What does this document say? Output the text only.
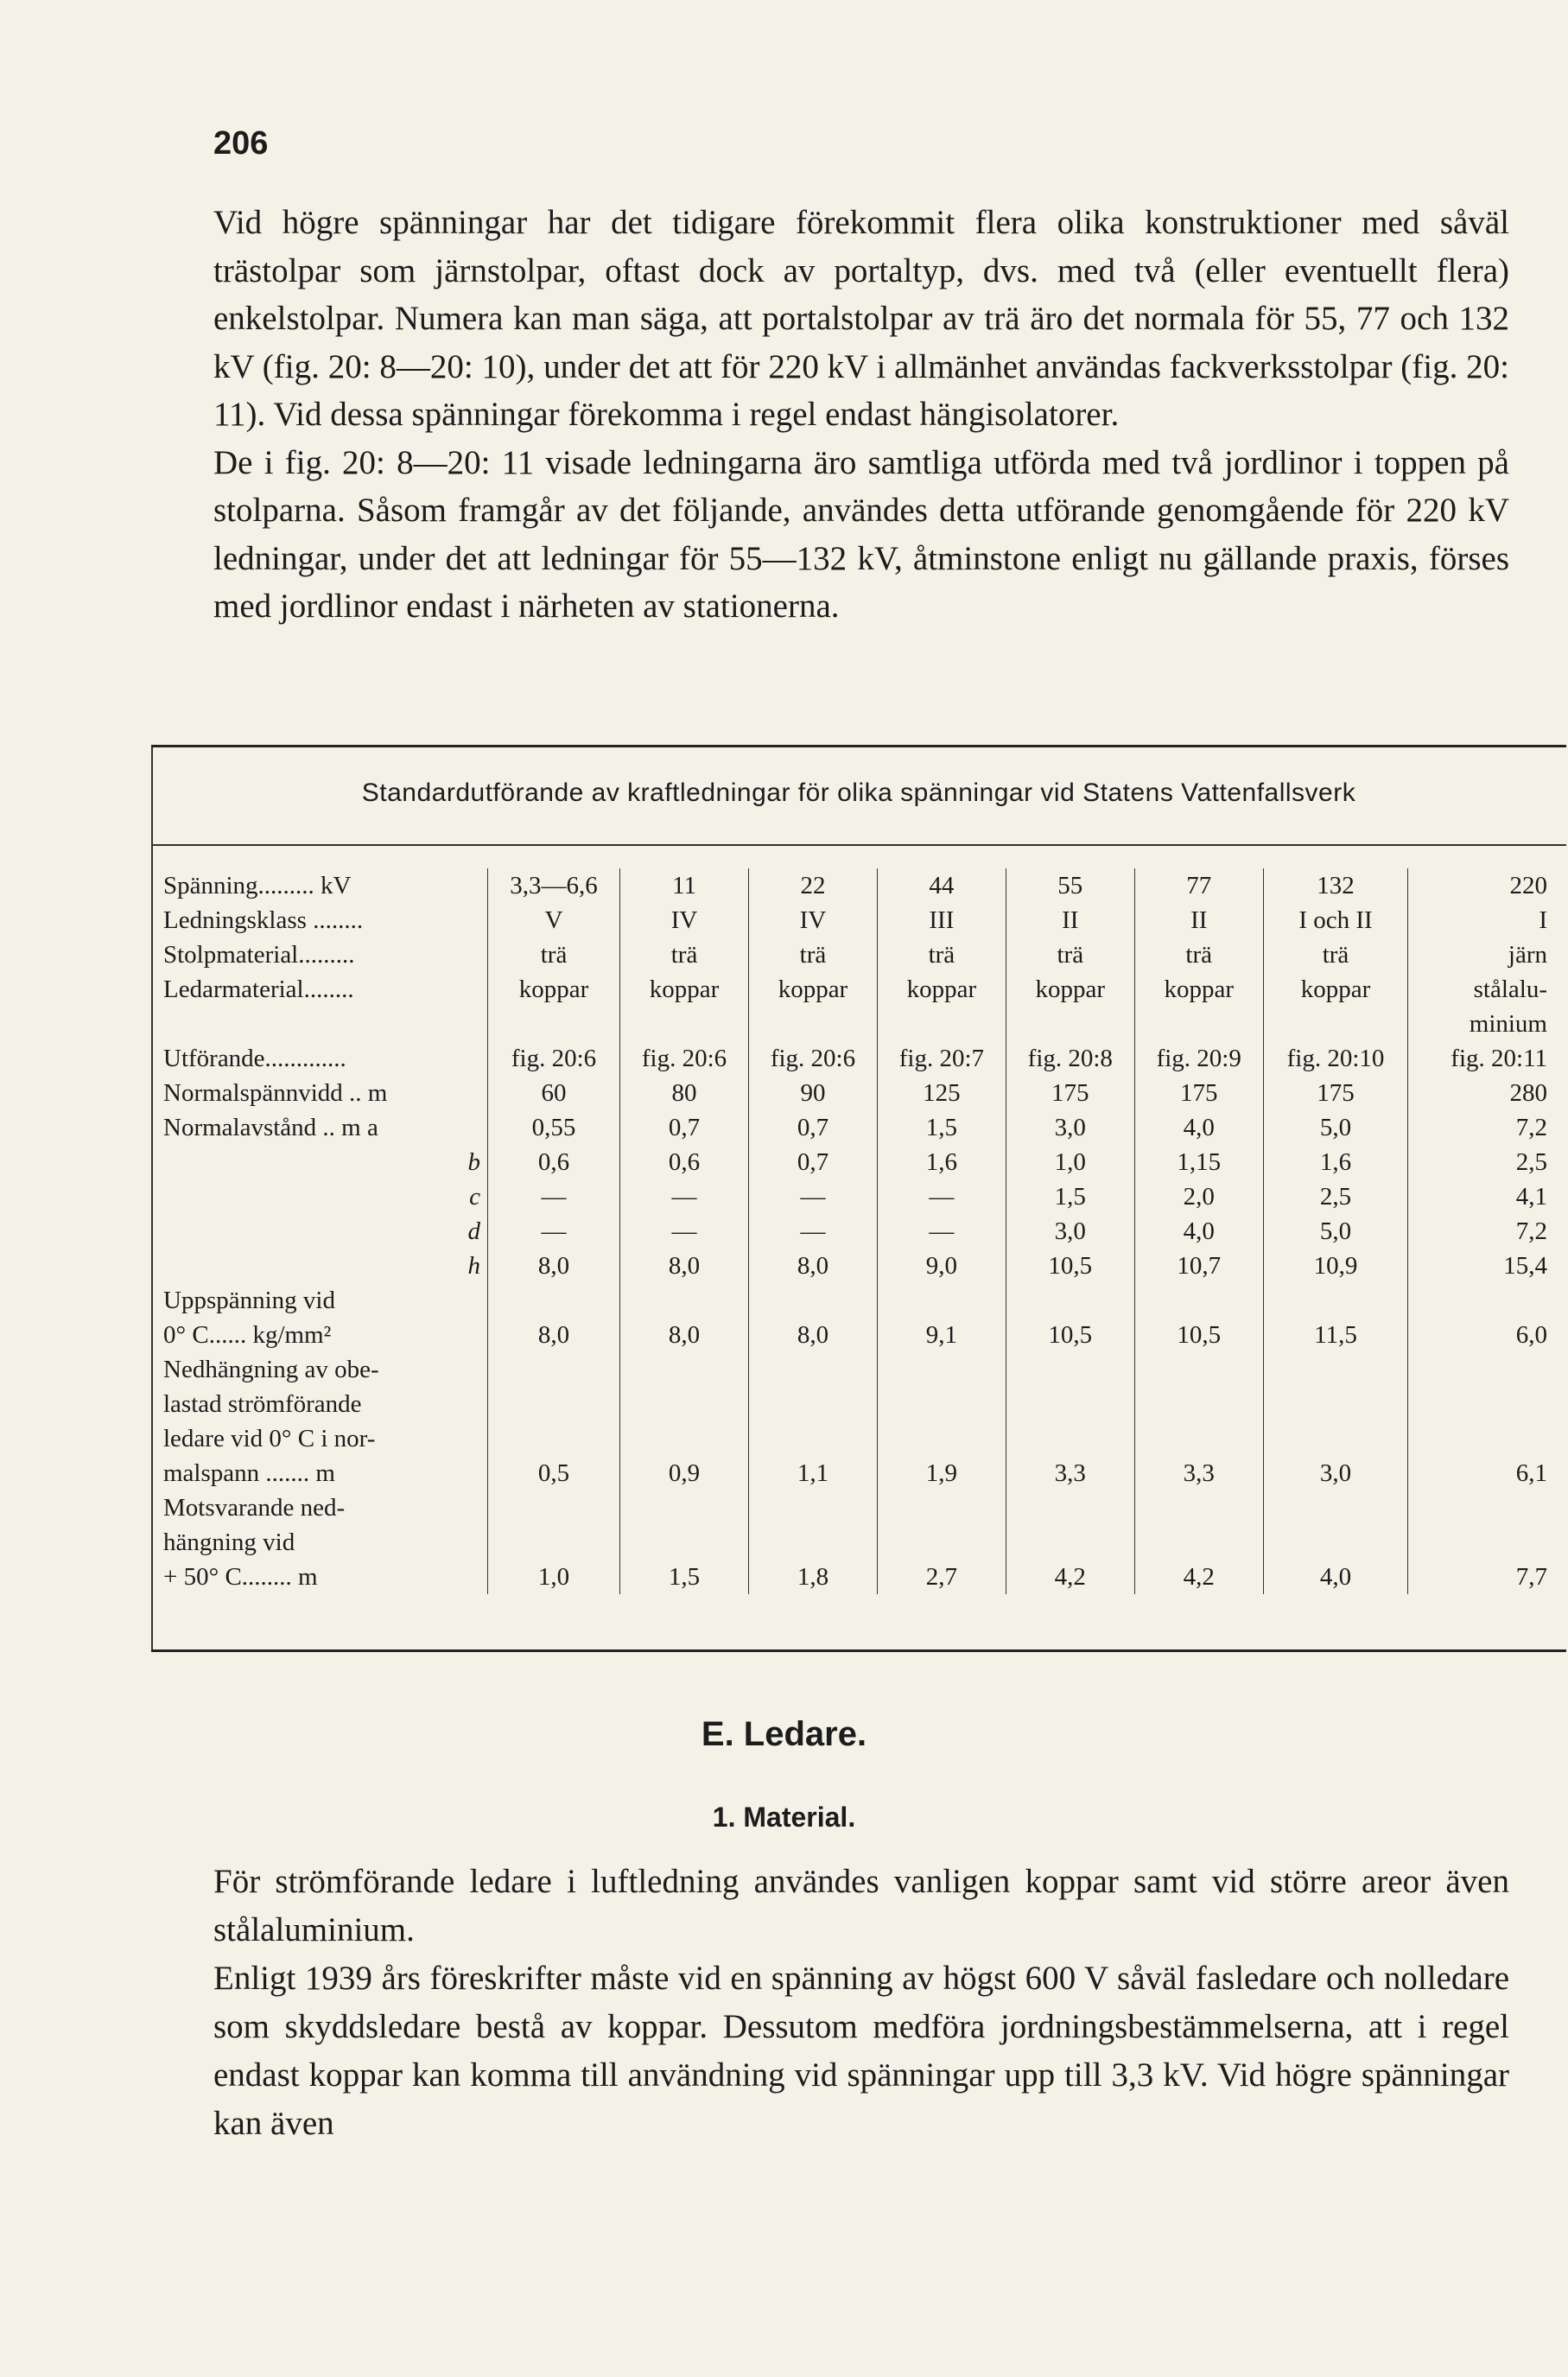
206

Vid högre spänningar har det tidigare förekommit flera olika konstruktioner med såväl trästolpar som järnstolpar, oftast dock av portaltyp, dvs. med två (eller eventuellt flera) enkelstolpar. Numera kan man säga, att portalstolpar av trä äro det normala för 55, 77 och 132 kV (fig. 20: 8—20: 10), under det att för 220 kV i allmänhet användas fackverksstolpar (fig. 20: 11). Vid dessa spänningar förekomma i regel endast hängisolatorer.

De i fig. 20: 8—20: 11 visade ledningarna äro samtliga utförda med två jordlinor i toppen på stolparna. Såsom framgår av det följande, användes detta utförande genomgående för 220 kV ledningar, under det att ledningar för 55—132 kV, åtminstone enligt nu gällande praxis, förses med jordlinor endast i närheten av stationerna.

Standardutförande av kraftledningar för olika spänningar vid Statens Vattenfallsverk
Spänning......... kV	3,3—6,6	11	22	44	55	77	132	220
Ledningsklass ........	V	IV	IV	III	II	II	I och II	I
Stolpmaterial.........	trä	trä	trä	trä	trä	trä	trä	järn
Ledarmaterial........	koppar	koppar	koppar	koppar	koppar	koppar	koppar	stålalu-
								minium
Utförande.............	fig. 20:6	fig. 20:6	fig. 20:6	fig. 20:7	fig. 20:8	fig. 20:9	fig. 20:10	fig. 20:11
Normalspännvidd .. m	60	80	90	125	175	175	175	280
Normalavstånd .. m a	0,55	0,7	0,7	1,5	3,0	4,0	5,0	7,2
b	0,6	0,6	0,7	1,6	1,0	1,15	1,6	2,5
c	—	—	—	—	1,5	2,0	2,5	4,1
d	—	—	—	—	3,0	4,0	5,0	7,2
h	8,0	8,0	8,0	9,0	10,5	10,7	10,9	15,4
Uppspänning vid								
0° C...... kg/mm²	8,0	8,0	8,0	9,1	10,5	10,5	11,5	6,0
Nedhängning av obe-								
lastad strömförande								
ledare vid 0° C i nor-								
malspann ....... m	0,5	0,9	1,1	1,9	3,3	3,3	3,0	6,1
Motsvarande ned-								
hängning vid								
+ 50° C........ m	1,0	1,5	1,8	2,7	4,2	4,2	4,0	7,7
E. Ledare.
1. Material.

För strömförande ledare i luftledning användes vanligen koppar samt vid större areor även stålaluminium.

Enligt 1939 års föreskrifter måste vid en spänning av högst 600 V såväl fasledare och nolledare som skyddsledare bestå av koppar. Dessutom medföra jordningsbestämmelserna, att i regel endast koppar kan komma till användning vid spänningar upp till 3,3 kV. Vid högre spänningar kan även
